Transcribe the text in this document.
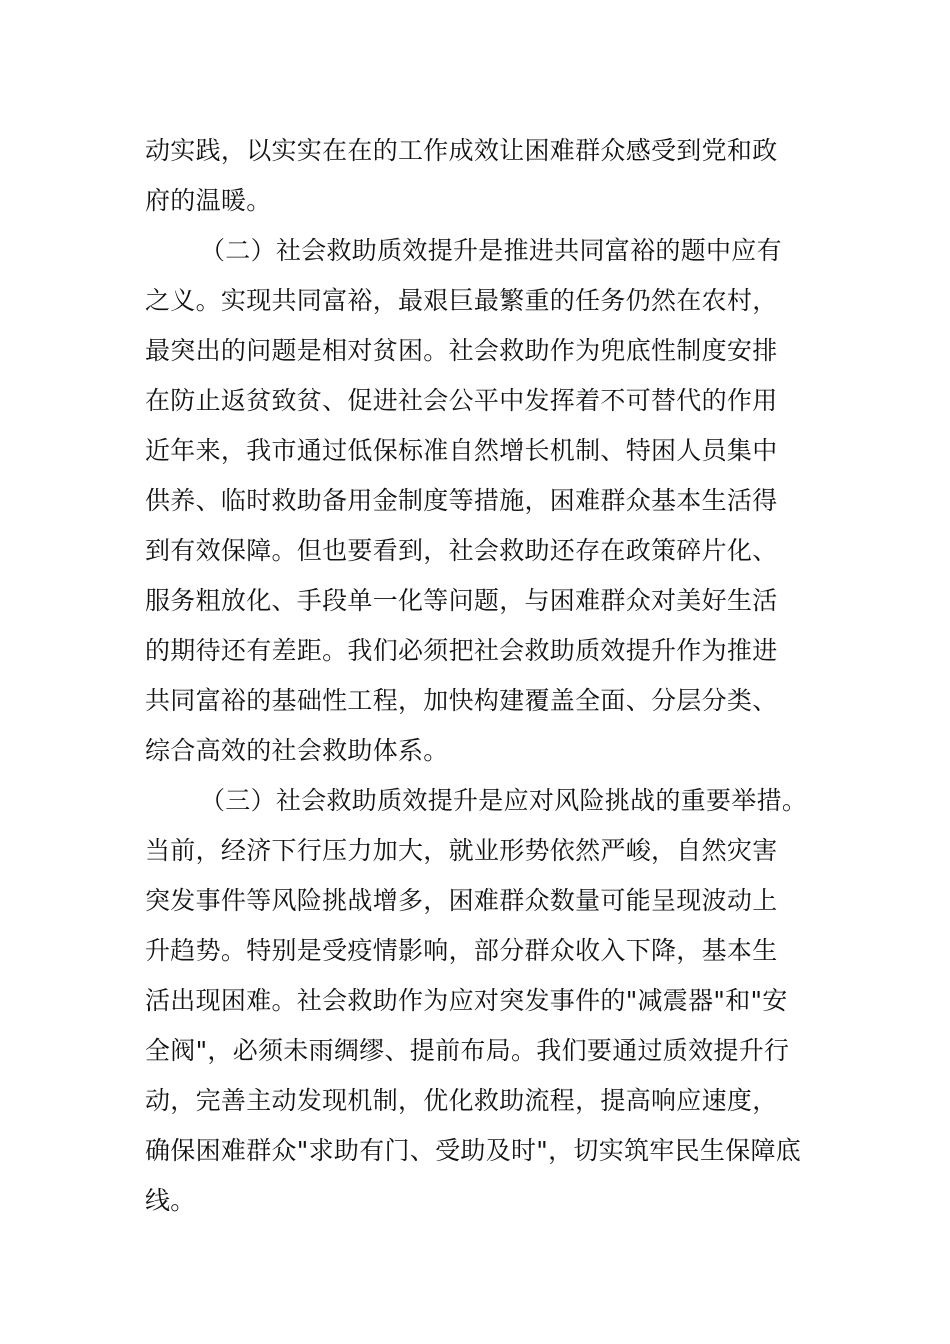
动实践，以实实在在的工作成效让困难群众感受到党和政
府的温暖。
（二）社会救助质效提升是推进共同富裕的题中应有
之义。实现共同富裕，最艰巨最繁重的任务仍然在农村，
最突出的问题是相对贫困。社会救助作为兜底性制度安排
在防止返贫致贫、促进社会公平中发挥着不可替代的作用
近年来，我市通过低保标准自然增长机制、特困人员集中
供养、临时救助备用金制度等措施，困难群众基本生活得
到有效保障。但也要看到，社会救助还存在政策碎片化、
服务粗放化、手段单一化等问题，与困难群众对美好生活
的期待还有差距。我们必须把社会救助质效提升作为推进
共同富裕的基础性工程，加快构建覆盖全面、分层分类、
综合高效的社会救助体系。
（三）社会救助质效提升是应对风险挑战的重要举措。
当前，经济下行压力加大，就业形势依然严峻，自然灾害
突发事件等风险挑战增多，困难群众数量可能呈现波动上
升趋势。特别是受疫情影响，部分群众收入下降，基本生
活出现困难。社会救助作为应对突发事件的"减震器"和"安
全阀"，必须未雨绸缪、提前布局。我们要通过质效提升行
动，完善主动发现机制，优化救助流程，提高响应速度，
确保困难群众"求助有门、受助及时"，切实筑牢民生保障底
线。
